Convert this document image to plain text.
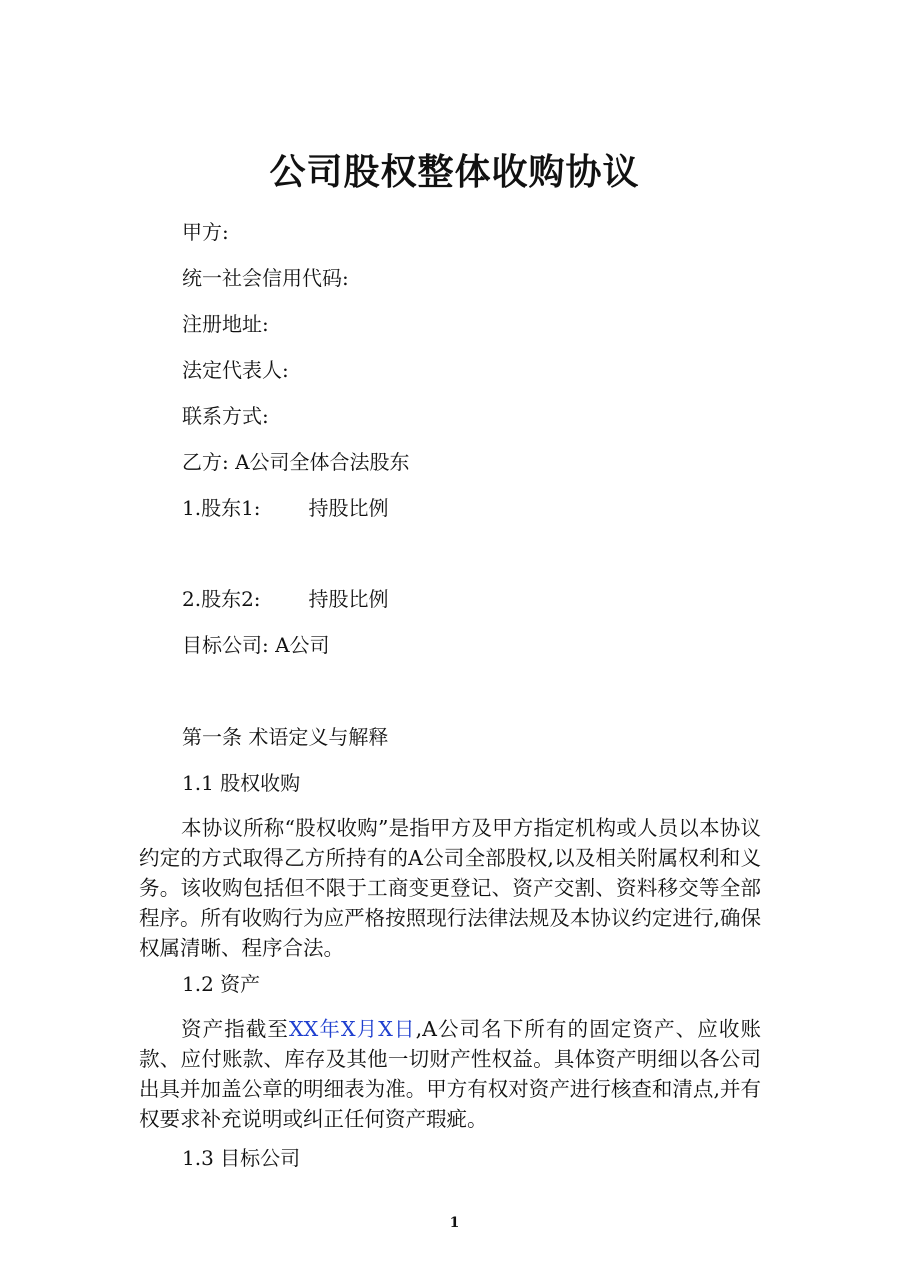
公司股权整体收购协议
甲方:
统一社会信用代码:
注册地址:
法定代表人:
联系方式:
乙方: A公司全体合法股东
1.股东1: 持股比例
2.股东2: 持股比例
目标公司: A公司
第一条 术语定义与解释
1.1 股权收购
本协议所称“股权收购”是指甲方及甲方指定机构或人员以本协议约定的方式取得乙方所持有的A公司全部股权,以及相关附属权利和义务。该收购包括但不限于工商变更登记、资产交割、资料移交等全部程序。所有收购行为应严格按照现行法律法规及本协议约定进行,确保权属清晰、程序合法。
1.2 资产
资产指截至XX年X月X日,A公司名下所有的固定资产、应收账款、应付账款、库存及其他一切财产性权益。具体资产明细以各公司出具并加盖公章的明细表为准。甲方有权对资产进行核查和清点,并有权要求补充说明或纠正任何资产瑕疵。
1.3 目标公司
1
